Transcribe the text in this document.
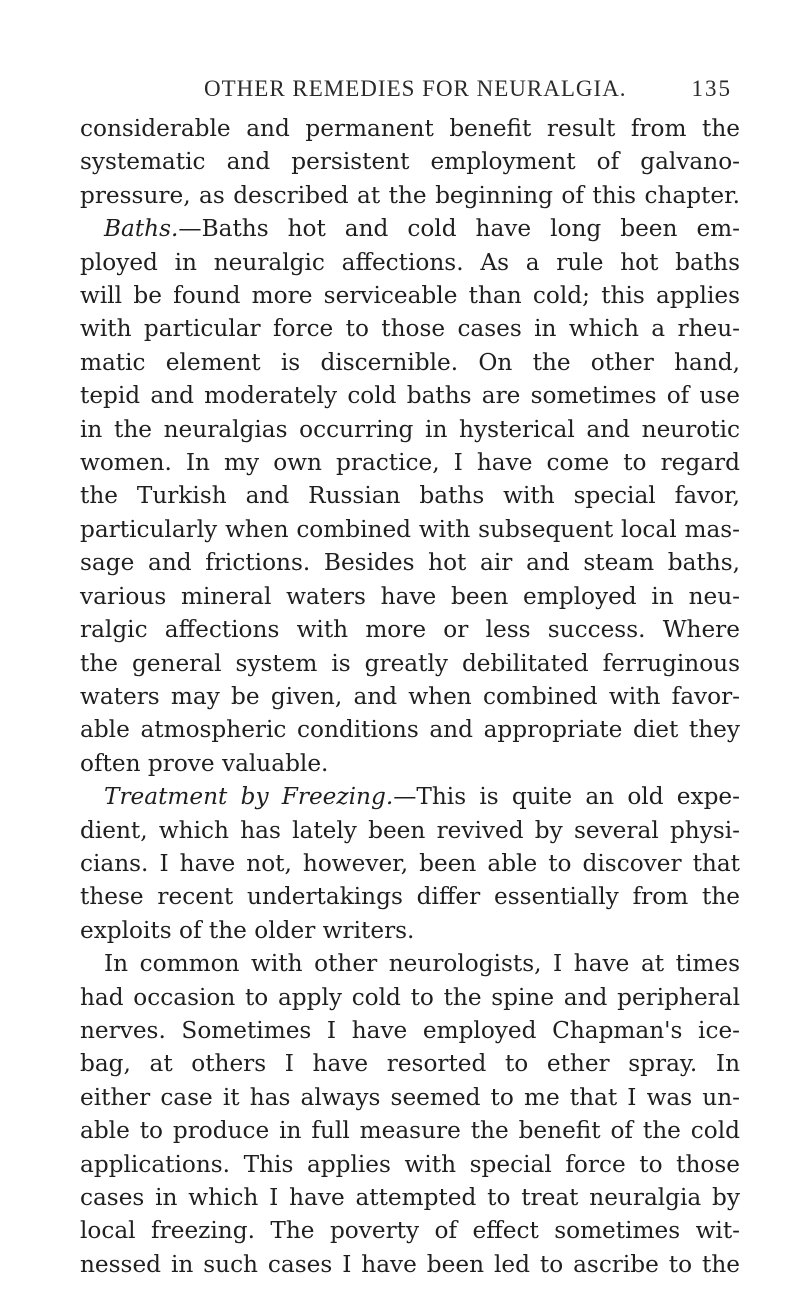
OTHER REMEDIES FOR NEURALGIA.	135
considerable and permanent benefit result from the
systematic and persistent employment of galvano-
pressure, as described at the beginning of this chapter.
Baths.—Baths hot and cold have long been em-
ployed in neuralgic affections. As a rule hot baths
will be found more serviceable than cold; this applies
with particular force to those cases in which a rheu-
matic element is discernible. On the other hand,
tepid and moderately cold baths are sometimes of use
in the neuralgias occurring in hysterical and neurotic
women. In my own practice, I have come to regard
the Turkish and Russian baths with special favor,
particularly when combined with subsequent local mas-
sage and frictions. Besides hot air and steam baths,
various mineral waters have been employed in neu-
ralgic affections with more or less success. Where
the general system is greatly debilitated ferruginous
waters may be given, and when combined with favor-
able atmospheric conditions and appropriate diet they
often prove valuable.
Treatment by Freezing.—This is quite an old expe-
dient, which has lately been revived by several physi-
cians. I have not, however, been able to discover that
these recent undertakings differ essentially from the
exploits of the older writers.
In common with other neurologists, I have at times
had occasion to apply cold to the spine and peripheral
nerves. Sometimes I have employed Chapman's ice-
bag, at others I have resorted to ether spray. In
either case it has always seemed to me that I was un-
able to produce in full measure the benefit of the cold
applications. This applies with special force to those
cases in which I have attempted to treat neuralgia by
local freezing. The poverty of effect sometimes wit-
nessed in such cases I have been led to ascribe to the
